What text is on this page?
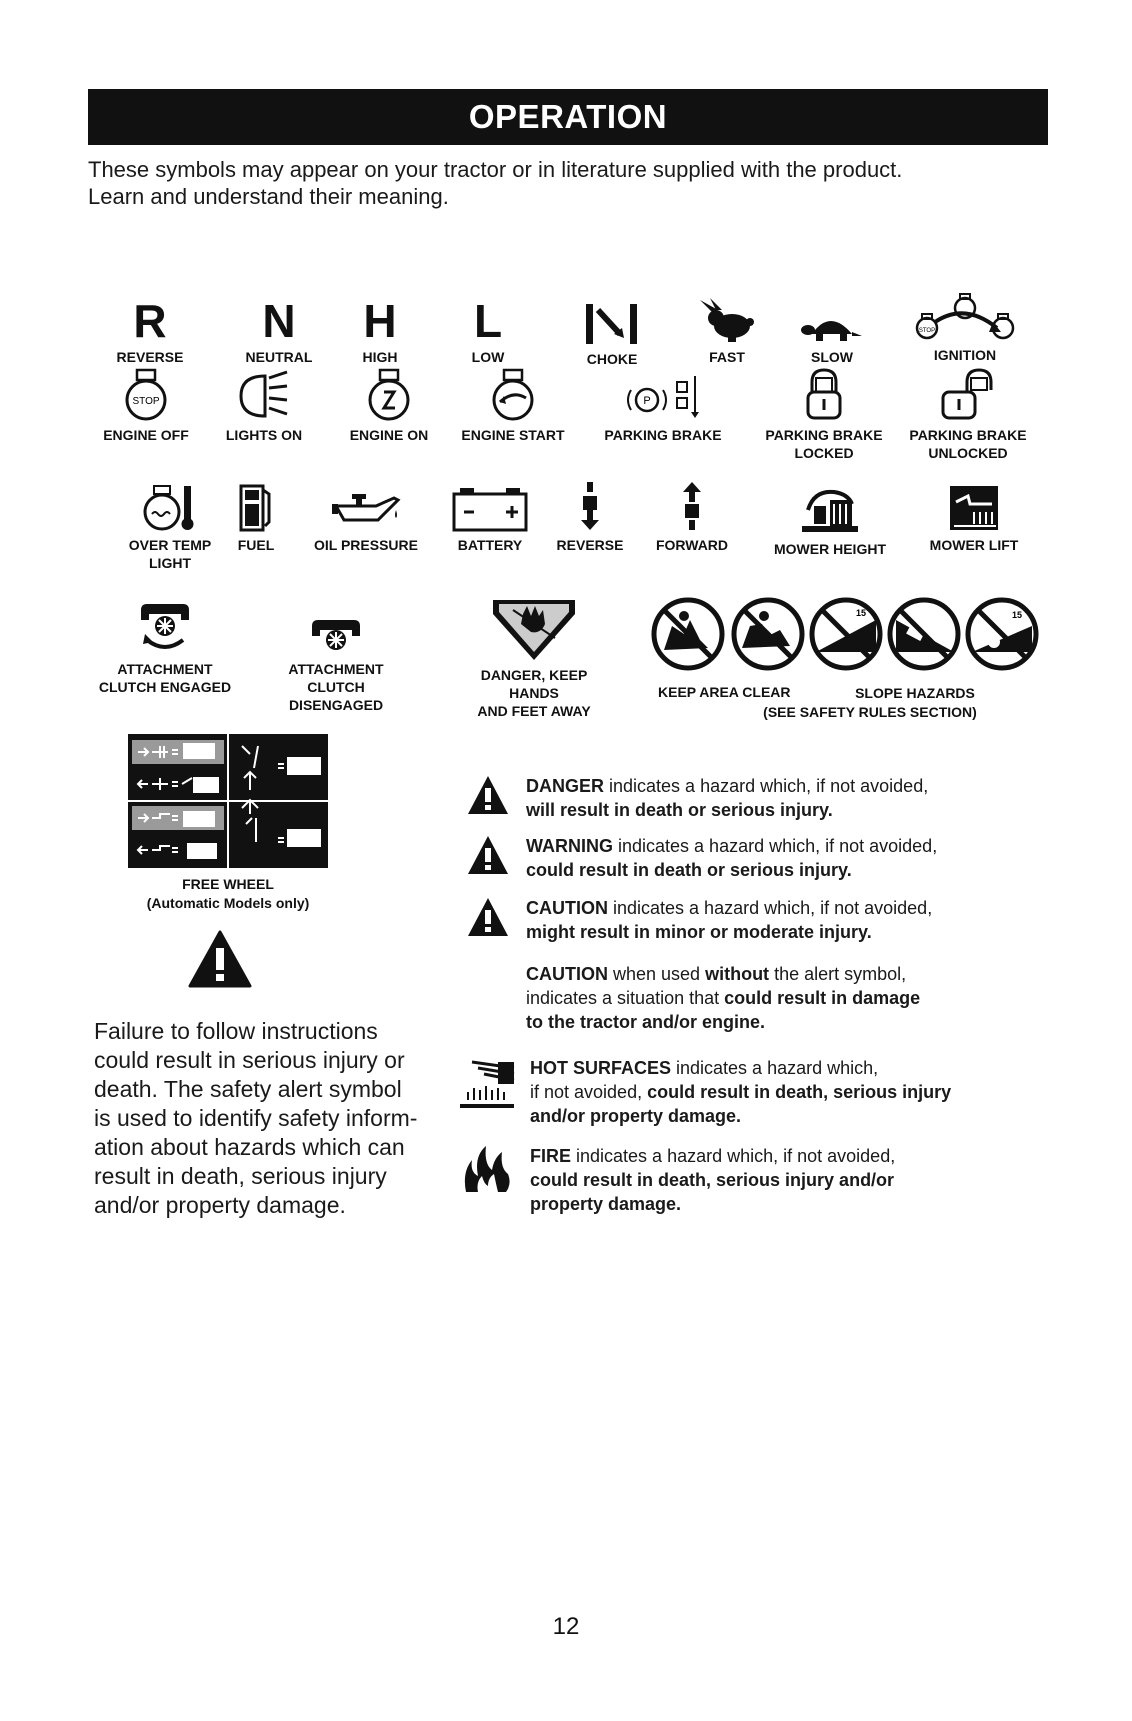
OPERATION
These symbols may appear on your tractor or in literature supplied with the product.
Learn and understand their meaning.
R
REVERSE
N
NEUTRAL
H
HIGH
L
LOW	CHOKE	FAST	SLOW
STOP
IGNITION
STOP
ENGINE OFF	LIGHTS ON	ENGINE ON	ENGINE START
P
PARKING BRAKE	PARKING BRAKE
LOCKED
PARKING BRAKE
UNLOCKED
OVER TEMP
LIGHT
FUEL	OIL PRESSURE	BATTERY	REVERSE	FORWARD	MOWER HEIGHT	MOWER LIFT
ATTACHMENT
CLUTCH ENGAGED
ATTACHMENT
CLUTCH DISENGAGED
DANGER, KEEP HANDS
AND FEET AWAY
KEEP AREA CLEAR
15	15
SLOPE HAZARDS
(SEE SAFETY RULES SECTION)
FREE WHEEL
(Automatic Models only)
Failure to follow instructions
could result in serious injury or
death. The safety alert symbol
is used to identify safety inform-
ation about hazards which can
result in death, serious injury
and/or property damage.
DANGER indicates a hazard which, if not avoided,
will result in death or serious injury.
WARNING indicates a hazard which, if not avoided,
could result in death or serious injury.
CAUTION indicates a hazard which, if not avoided,
might result in minor or moderate injury.
CAUTION when used without the alert symbol,
indicates a situation that could result in damage
to the tractor and/or engine.
HOT SURFACES indicates a hazard which,
if not avoided, could result in death, serious injury
and/or property damage.
FIRE indicates a hazard which, if not avoided,
could result in death, serious injury and/or
property damage.
12
